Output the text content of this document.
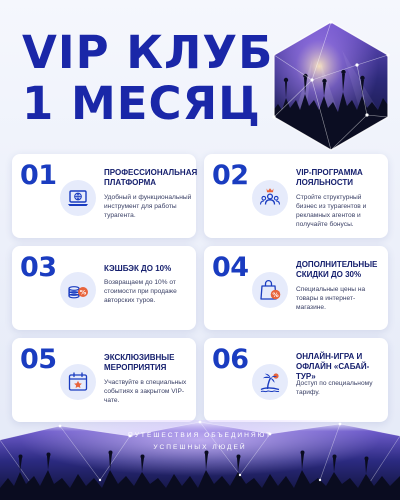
VIP КЛУБ
1 МЕСЯЦ
01	ПРОФЕССИОНАЛЬНАЯ ПЛАТФОРМА
Удобный и функциональный инструмент для работы турагента.
02	VIP-ПРОГРАММА ЛОЯЛЬНОСТИ
Стройте структурный бизнес из турагентов и рекламных агентов и получайте бонусы.
03
%
КЭШБЭК ДО 10%
Возвращаем до 10% от стоимости при продаже авторских туров.
04
%
ДОПОЛНИТЕЛЬНЫЕ СКИДКИ ДО 30%
Специальные цены на товары в интернет-магазине.
05	ЭКСКЛЮЗИВНЫЕ МЕРОПРИЯТИЯ
Участвуйте в специальных событиях в закрытом VIP-чате.
06	ОНЛАЙН-ИГРА И ОФЛАЙН «САБАЙ-ТУР»
Доступ по специальному тарифу.
ПУТЕШЕСТВИЯ ОБЪЕДИНЯЮТ
УСПЕШНЫХ ЛЮДЕЙ
